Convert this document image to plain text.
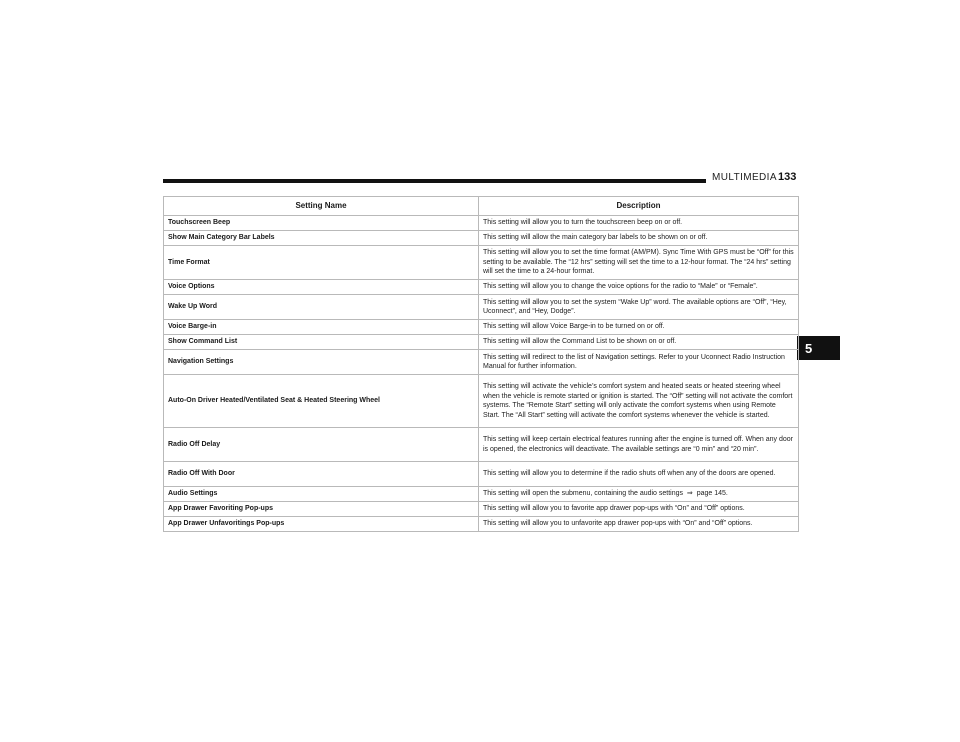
MULTIMEDIA 133
5
Setting Name	Description
Touchscreen Beep	This setting will allow you to turn the touchscreen beep on or off.
Show Main Category Bar Labels	This setting will allow the main category bar labels to be shown on or off.
Time Format	This setting will allow you to set the time format (AM/PM). Sync Time With GPS must be “Off” for this setting to be available. The “12 hrs” setting will set the time to a 12-hour format. The “24 hrs” setting will set the time to a 24-hour format.
Voice Options	This setting will allow you to change the voice options for the radio to “Male” or “Female”.
Wake Up Word	This setting will allow you to set the system “Wake Up” word. The available options are “Off”, “Hey, Uconnect”, and “Hey, Dodge”.
Voice Barge-in	This setting will allow Voice Barge-in to be turned on or off.
Show Command List	This setting will allow the Command List to be shown on or off.
Navigation Settings	This setting will redirect to the list of Navigation settings. Refer to your Uconnect Radio Instruction Manual for further information.
Auto-On Driver Heated/Ventilated Seat & Heated Steering Wheel	This setting will activate the vehicle’s comfort system and heated seats or heated steering wheel when the vehicle is remote started or ignition is started. The “Off” setting will not activate the comfort systems. The “Remote Start” setting will only activate the comfort systems when using Remote Start. The “All Start” setting will activate the comfort systems whenever the vehicle is started.
Radio Off Delay	This setting will keep certain electrical features running after the engine is turned off. When any door is opened, the electronics will deactivate. The available settings are “0 min” and “20 min”.
Radio Off With Door	This setting will allow you to determine if the radio shuts off when any of the doors are opened.
Audio Settings	This setting will open the submenu, containing the audio settings  ⇒  page 145.
App Drawer Favoriting Pop-ups	This setting will allow you to favorite app drawer pop-ups with “On” and “Off” options.
App Drawer Unfavoritings Pop-ups	This setting will allow you to unfavorite app drawer pop-ups with “On” and “Off” options.
